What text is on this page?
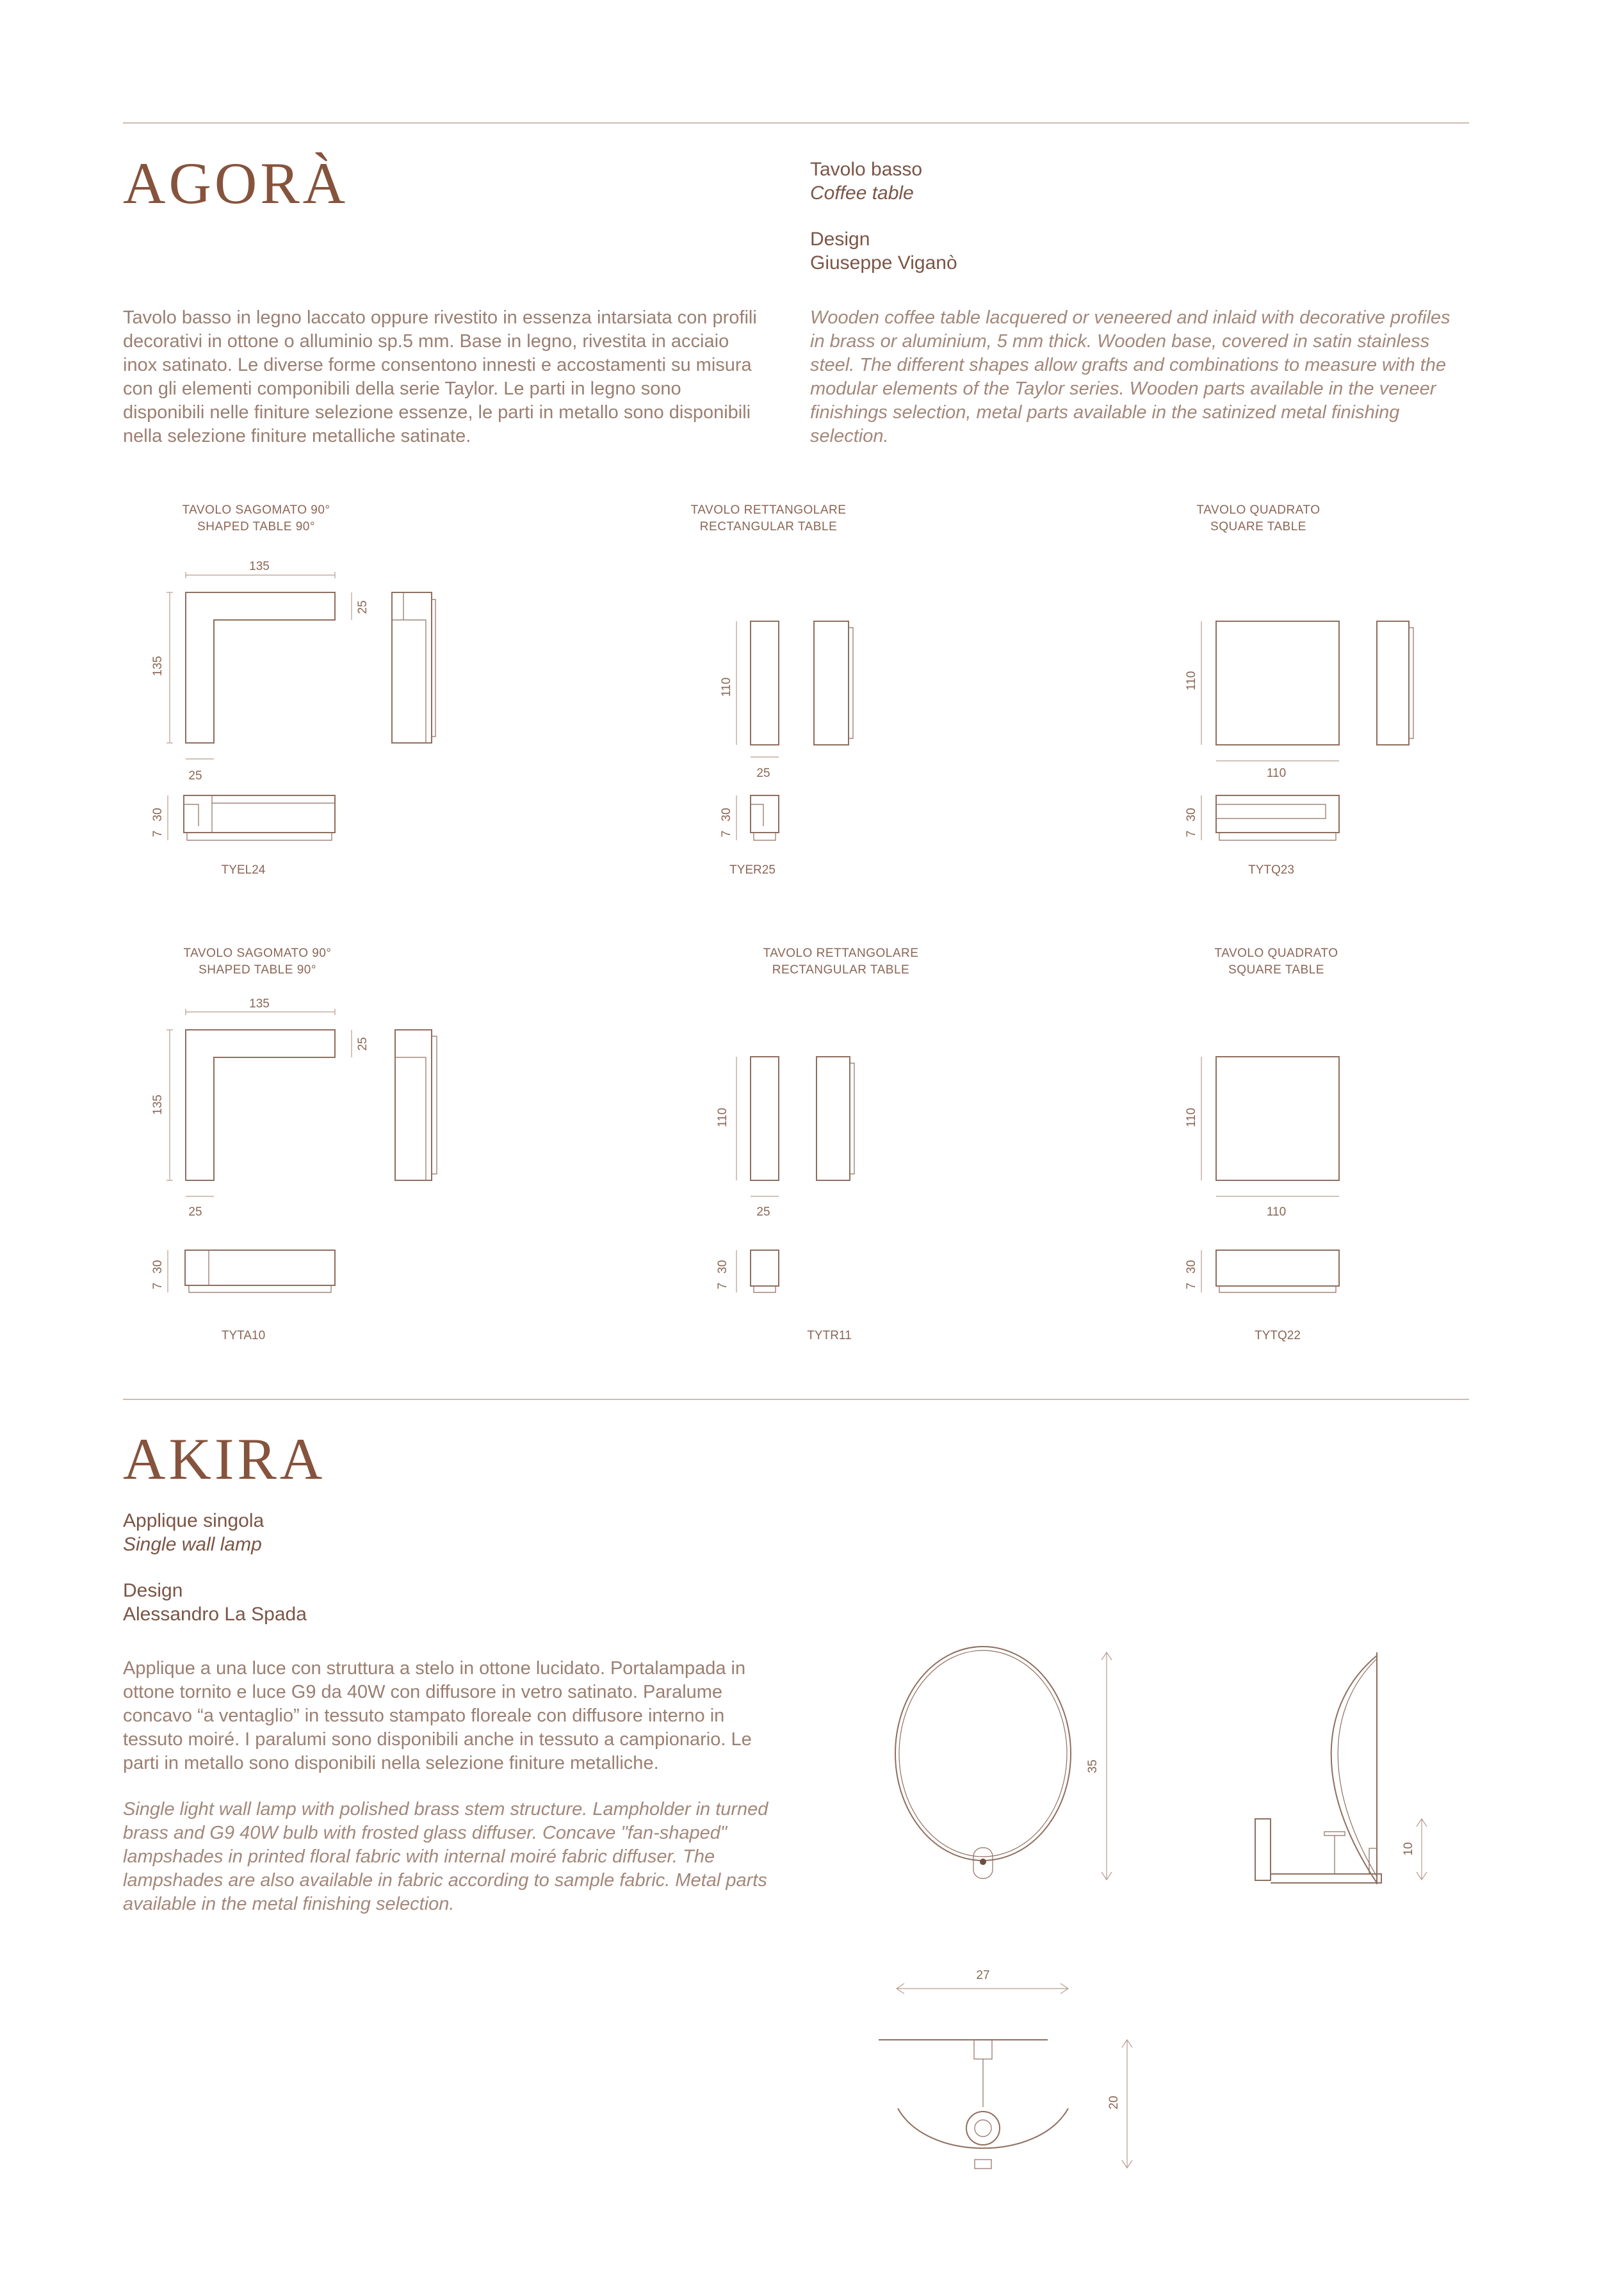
AGORÀ	Tavolo basso
Coffee table
Design
Giuseppe Viganò
Tavolo basso in legno laccato oppure rivestito in essenza intarsiata con profili decorativi in ottone o alluminio sp.5 mm. Base in legno, rivestita in acciaio inox satinato. Le diverse forme consentono innesti e accostamenti su misura con gli elementi componibili della serie Taylor. Le parti in legno sono disponibili nelle finiture selezione essenze, le parti in metallo sono disponibili nella selezione finiture metalliche satinate.
Wooden coffee table lacquered or veneered and inlaid with decorative profiles in brass or aluminium, 5 mm thick. Wooden base, covered in satin stainless steel. The different shapes allow grafts and combinations to measure with the modular elements of the Taylor series. Wooden parts available in the veneer finishings selection, metal parts available in the satinized metal finishing selection.
TAVOLO SAGOMATO 90°
SHAPED TABLE 90°
TAVOLO RETTANGOLARE
RECTANGULAR TABLE
TAVOLO QUADRATO
SQUARE TABLE
135
135
25
25
30
7
TYEL24
110
25
30
7
TYER25
110
110
30
7
TYTQ23
TAVOLO SAGOMATO 90°
SHAPED TABLE 90°
TAVOLO RETTANGOLARE
RECTANGULAR TABLE
TAVOLO QUADRATO
SQUARE TABLE
135
135
25
25
30
7
TYTA10
110
25
30
7
TYTR11
110
110
30
7
TYTQ22
AKIRA
Applique singola
Single wall lamp
Design
Alessandro La Spada
Applique a una luce con struttura a stelo in ottone lucidato. Portalampada in ottone tornito e luce G9 da 40W con diffusore in vetro satinato. Paralume concavo “a ventaglio” in tessuto stampato floreale con diffusore interno in tessuto moiré. I paralumi sono disponibili anche in tessuto a campionario. Le parti in metallo sono disponibili nella selezione finiture metalliche.
Single light wall lamp with polished brass stem structure. Lampholder in turned brass and G9 40W bulb with frosted glass diffuser. Concave "fan-shaped" lampshades in printed floral fabric with internal moiré fabric diffuser. The lampshades are also available in fabric according to sample fabric. Metal parts available in the metal finishing selection.
35
10
27
20
